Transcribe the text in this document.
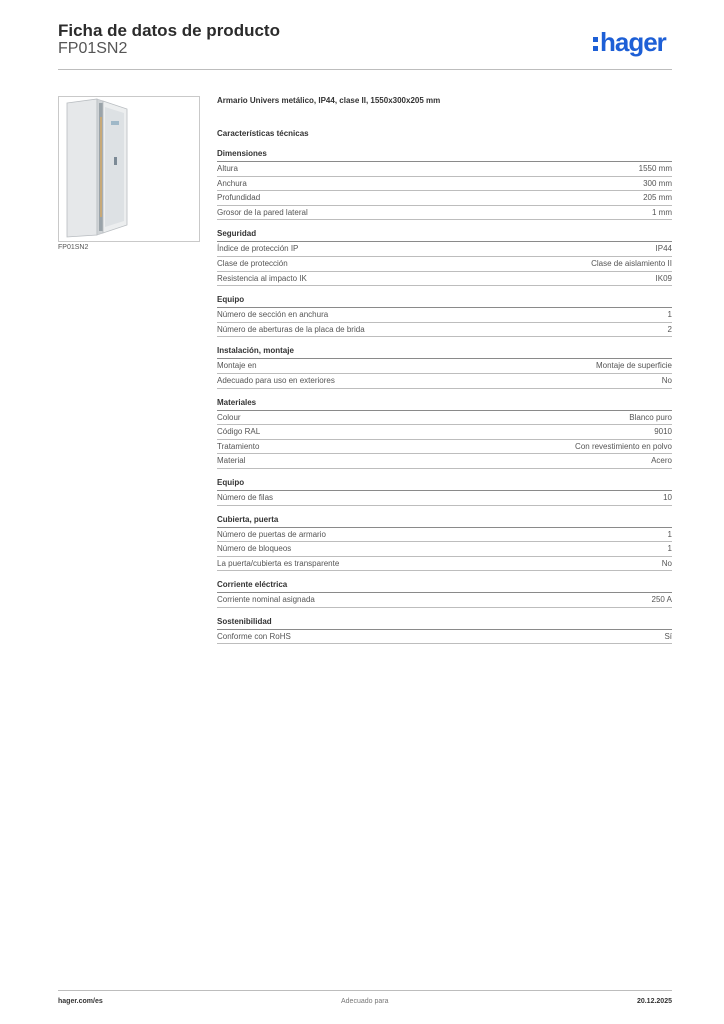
Ficha de datos de producto
FP01SN2	hager
FP01SN2
Armario Univers metálico, IP44, clase II, 1550x300x205 mm
Características técnicas
Dimensiones
Altura	1550 mm
Anchura	300 mm
Profundidad	205 mm
Grosor de la pared lateral	1 mm
Seguridad
Índice de protección IP	IP44
Clase de protección	Clase de aislamiento II
Resistencia al impacto IK	IK09
Equipo
Número de sección en anchura	1
Número de aberturas de la placa de brida	2
Instalación, montaje
Montaje en	Montaje de superficie
Adecuado para uso en exteriores	No
Materiales
Colour	Blanco puro
Código RAL	9010
Tratamiento	Con revestimiento en polvo
Material	Acero
Equipo
Número de filas	10
Cubierta, puerta
Número de puertas de armario	1
Número de bloqueos	1
La puerta/cubierta es transparente	No
Corriente eléctrica
Corriente nominal asignada	250 A
Sostenibilidad
Conforme con RoHS	Sí
hager.com/es	Adecuado para	20.12.2025
